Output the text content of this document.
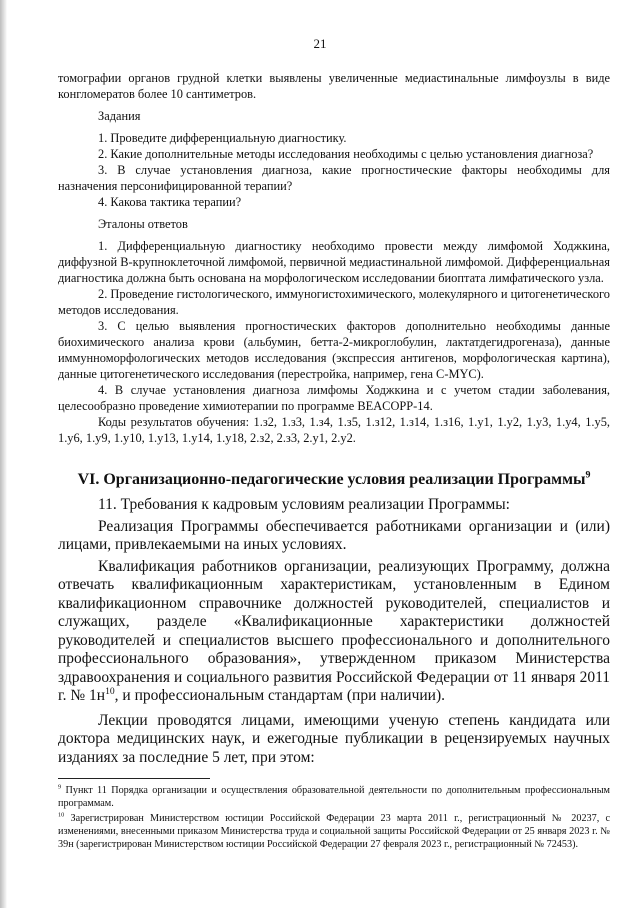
21

томографии органов грудной клетки выявлены увеличенные медиастинальные лимфоузлы в виде конгломератов более 10 сантиметров.

Задания

1. Проведите дифференциальную диагностику.

2. Какие дополнительные методы исследования необходимы с целью установления диагноза?

3. В случае установления диагноза, какие прогностические факторы необходимы для назначения персонифицированной терапии?

4. Какова тактика терапии?

Эталоны ответов

1. Дифференциальную диагностику необходимо провести между лимфомой Ходжкина, диффузной В-крупноклеточной лимфомой, первичной медиастинальной лимфомой. Дифференциальная диагностика должна быть основана на морфологическом исследовании биоптата лимфатического узла.

2. Проведение гистологического, иммуногистохимического, молекулярного и цитогенетического методов исследования.

3. С целью выявления прогностических факторов дополнительно необходимы данные биохимического анализа крови (альбумин, бетта-2-микроглобулин, лактатдегидрогеназа), данные иммунноморфологических методов исследования (экспрессия антигенов, морфологическая картина), данные цитогенетического исследования (перестройка, например, гена С-MYC).

4. В случае установления диагноза лимфомы Ходжкина и с учетом стадии заболевания, целесообразно проведение химиотерапии по программе BEACOPP-14.

Коды результатов обучения: 1.з2, 1.з3, 1.з4, 1.з5, 1.з12, 1.з14, 1.з16, 1.у1, 1.у2, 1.у3, 1.у4, 1.у5, 1.у6, 1.у9, 1.у10, 1.у13, 1.у14, 1.у18, 2.з2, 2.з3, 2.у1, 2.у2.

VI. Организационно-педагогические условия реализации Программы$^9$

11. Требования к кадровым условиям реализации Программы:

Реализация Программы обеспечивается работниками организации и (или) лицами, привлекаемыми на иных условиях.

Квалификация работников организации, реализующих Программу, должна отвечать квалификационным характеристикам, установленным в Едином квалификационном справочнике должностей руководителей, специалистов и служащих, разделе «Квалификационные характеристики должностей руководителей и специалистов высшего профессионального и дополнительного профессионального образования», утвержденном приказом Министерства здравоохранения и социального развития Российской Федерации от 11 января 2011 г. № $1н^{10}$, и профессиональным стандартам (при наличии).

Лекции проводятся лицами, имеющими ученую степень кандидата или доктора медицинских наук, и ежегодные публикации в рецензируемых научных изданиях за последние 5 лет, при этом:

$^9$ Пункт 11 Порядка организации и осуществления образовательной деятельности по дополнительным профессиональным программам.

$^{10}$ Зарегистрирован Министерством юстиции Российской Федерации 23 марта 2011 г., регистрационный № 20237, с изменениями, внесенными приказом Министерства труда и социальной защиты Российской Федерации от 25 января 2023 г. № 39н (зарегистрирован Министерством юстиции Российской Федерации 27 февраля 2023 г., регистрационный № 72453).
